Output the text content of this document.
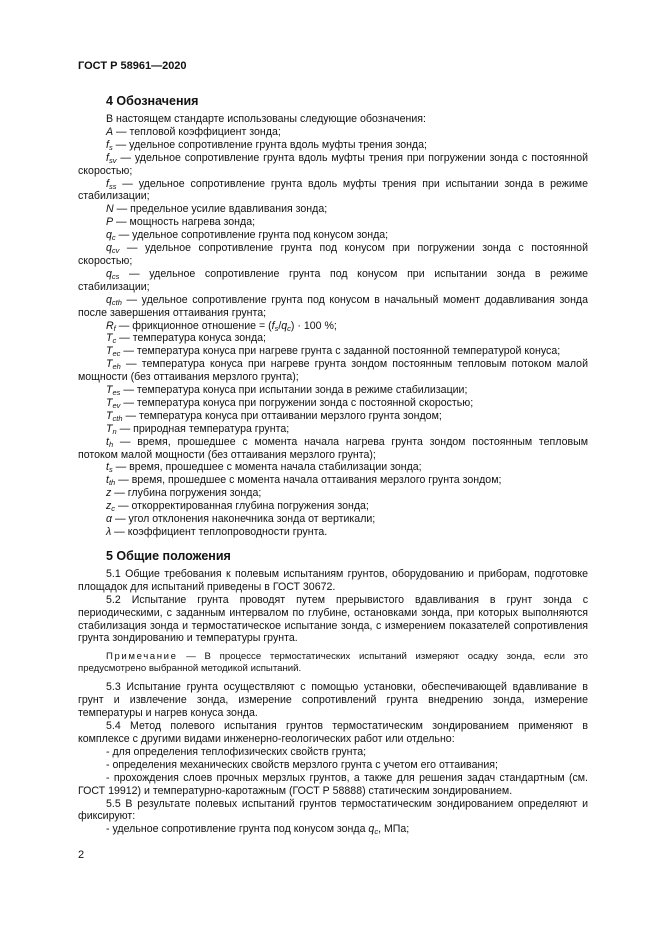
ГОСТ Р 58961—2020
4 Обозначения

В настоящем стандарте использованы следующие обозначения:

A — тепловой коэффициент зонда;

$f_s$ — удельное сопротивление грунта вдоль муфты трения зонда;

$f_{sv}$ — удельное сопротивление грунта вдоль муфты трения при погружении зонда с постоянной скоростью;

$f_{ss}$ — удельное сопротивление грунта вдоль муфты трения при испытании зонда в режиме стабилизации;

N — предельное усилие вдавливания зонда;

P — мощность нагрева зонда;

$q_c$ — удельное сопротивление грунта под конусом зонда;

$q_{cv}$ — удельное сопротивление грунта под конусом при погружении зонда с постоянной скоростью;

$q_{cs}$ — удельное сопротивление грунта под конусом при испытании зонда в режиме стабилизации;

$q_{cth}$ — удельное сопротивление грунта под конусом в начальный момент додавливания зонда после завершения оттаивания грунта;

$R_f$ — фрикционное отношение = $(f_s/q_c) \cdot 100$ %;

$T_c$ — температура конуса зонда;

$T_{ec}$ — температура конуса при нагреве грунта с заданной постоянной температурой конуса;

$T_{eh}$ — температура конуса при нагреве грунта зондом постоянным тепловым потоком малой мощности (без оттаивания мерзлого грунта);

$T_{es}$ — температура конуса при испытании зонда в режиме стабилизации;

$T_{ev}$ — температура конуса при погружении зонда с постоянной скоростью;

$T_{cth}$ — температура конуса при оттаивании мерзлого грунта зондом;

$T_n$ — природная температура грунта;

$t_h$ — время, прошедшее с момента начала нагрева грунта зондом постоянным тепловым потоком малой мощности (без оттаивания мерзлого грунта);

$t_s$ — время, прошедшее с момента начала стабилизации зонда;

$t_{th}$ — время, прошедшее с момента начала оттаивания мерзлого грунта зондом;

z — глубина погружения зонда;

$z_c$ — откорректированная глубина погружения зонда;

α — угол отклонения наконечника зонда от вертикали;

λ — коэффициент теплопроводности грунта.

5 Общие положения

5.1 Общие требования к полевым испытаниям грунтов, оборудованию и приборам, подготовке площадок для испытаний приведены в ГОСТ 30672.

5.2 Испытание грунта проводят путем прерывистого вдавливания в грунт зонда с периодическими, с заданным интервалом по глубине, остановками зонда, при которых выполняются стабилизация зонда и термостатическое испытание зонда, с измерением показателей сопротивления грунта зондированию и температуры грунта.

Примечание — В процессе термостатических испытаний измеряют осадку зонда, если это предусмотрено выбранной методикой испытаний.

5.3 Испытание грунта осуществляют с помощью установки, обеспечивающей вдавливание в грунт и извлечение зонда, измерение сопротивлений грунта внедрению зонда, измерение температуры и нагрев конуса зонда.

5.4 Метод полевого испытания грунтов термостатическим зондированием применяют в комплексе с другими видами инженерно-геологических работ или отдельно:

- для определения теплофизических свойств грунта;

- определения механических свойств мерзлого грунта с учетом его оттаивания;

- прохождения слоев прочных мерзлых грунтов, а также для решения задач стандартным (см. ГОСТ 19912) и температурно-каротажным (ГОСТ Р 58888) статическим зондированием.

5.5 В результате полевых испытаний грунтов термостатическим зондированием определяют и фиксируют:

- удельное сопротивление грунта под конусом зонда $q_c$, МПа;

2
